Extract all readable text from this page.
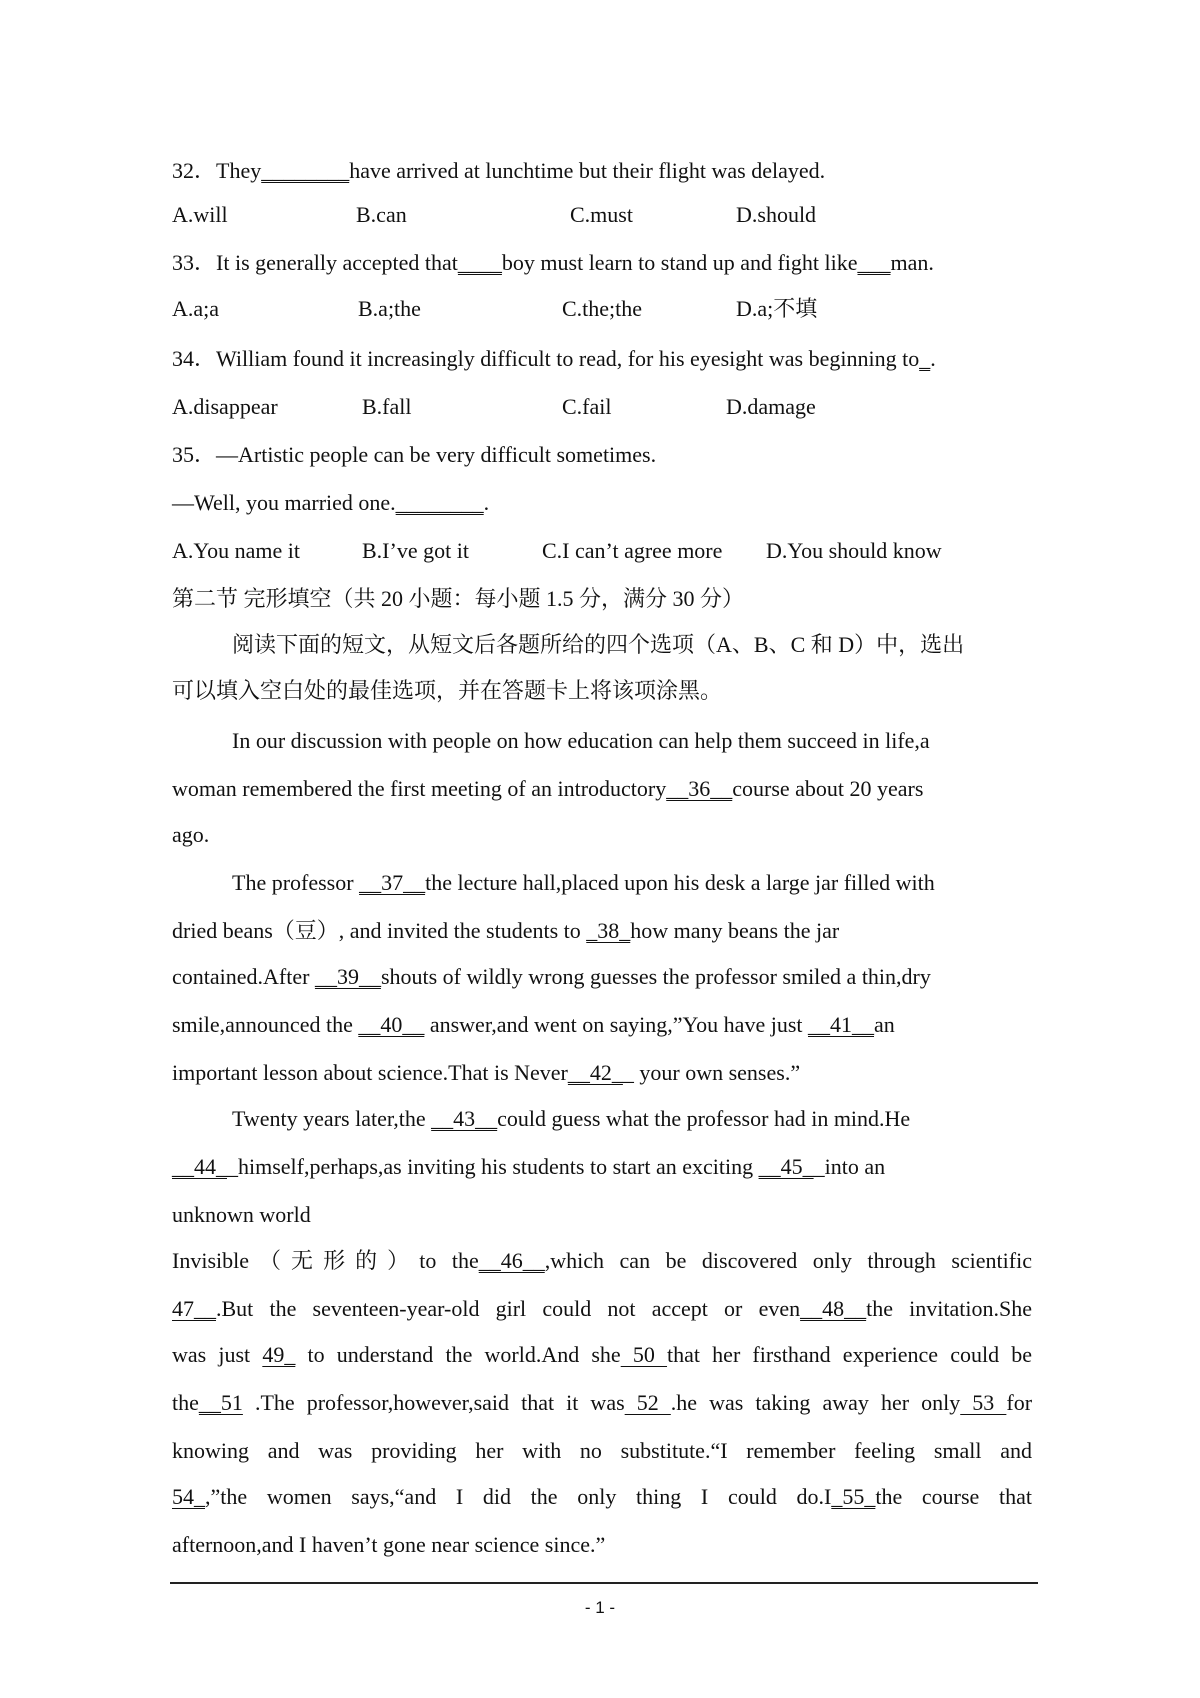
32．They________have arrived at lunchtime but their flight was delayed.
A.will	B.can	C.must	D.should
33．It is generally accepted that____boy must learn to stand up and fight like___man.
A.a;a	B.a;the	C.the;the	D.a;不填
34．William found it increasingly difficult to read, for his eyesight was beginning to_.
A.disappear	B.fall	C.fail	D.damage
35．—Artistic people can be very difficult sometimes.
—Well, you married one.________.
A.You name it	B.I’ve got it	C.I can’t agree more D.You should know
第二节 完形填空（共 20 小题：每小题 1.5 分，满分 30 分）
阅读下面的短文，从短文后各题所给的四个选项（A、B、C 和 D）中，选出
可以填入空白处的最佳选项，并在答题卡上将该项涂黑。
In our discussion with people on how education can help them succeed in life,a
woman remembered the first meeting of an introductory__36__course about 20 years
ago.
The professor __37__the lecture hall,placed upon his desk a large jar filled with
dried beans（豆）, and invited the students to _38_how many beans the jar
contained.After __39__shouts of wildly wrong guesses the professor smiled a thin,dry
smile,announced the __40__ answer,and went on saying,”You have just __41__an
important lesson about science.That is Never__42__ your own senses.”
Twenty years later,the __43__could guess what the professor had in mind.He
__44__himself,perhaps,as inviting his students to start an exciting __45__into an
unknown world
Invisible（无形的）to the__46__,which can be discovered only through scientific
47__.But the seventeen-year-old girl could not accept or even__48__the invitation.She
was just 49_ to understand the world.And she 50 that her firsthand experience could be
the__51 .The professor,however,said that it was 52 .he was taking away her only 53 for
knowing and was providing her with no substitute.“I remember feeling small and
54_,”the women says,“and I did the only thing I could do.I_55_the course that
afternoon,and I haven’t gone near science since.”
- 1 -
